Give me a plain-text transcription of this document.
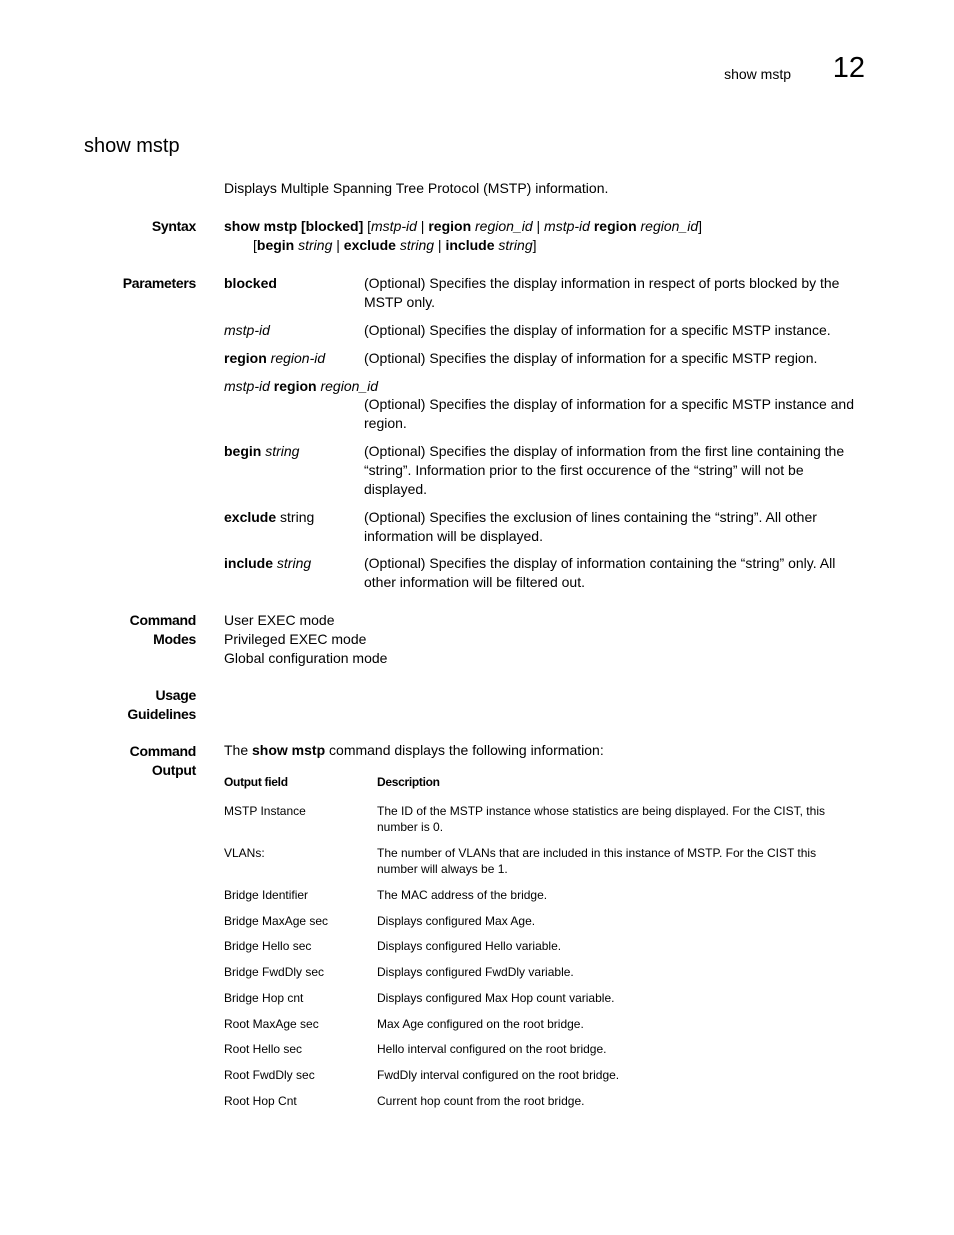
show mstp 12
show mstp
Displays Multiple Spanning Tree Protocol (MSTP) information.
Syntax show mstp [blocked] [mstp-id | region region_id | mstp-id region region_id]
[begin string | exclude string | include string]
Parameters blocked	(Optional) Specifies the display information in respect of ports blocked by the MSTP only.
mstp-id	(Optional) Specifies the display of information for a specific MSTP instance.
region region-id	(Optional) Specifies the display of information for a specific MSTP region.
mstp-id region region_id
(Optional) Specifies the display of information for a specific MSTP instance and region.
begin string	(Optional) Specifies the display of information from the first line containing the “string”. Information prior to the first occurence of the “string” will not be displayed.
exclude string	(Optional) Specifies the exclusion of lines containing the “string”. All other information will be displayed.
include string	(Optional) Specifies the display of information containing the “string” only. All other information will be filtered out.
Command
Modes
User EXEC mode
Privileged EXEC mode
Global configuration mode
Usage
Guidelines
Command
Output
The show mstp command displays the following information:
Output field	Description
MSTP Instance	The ID of the MSTP instance whose statistics are being displayed. For the CIST, this number is 0.
VLANs:	The number of VLANs that are included in this instance of MSTP. For the CIST this number will always be 1.
Bridge Identifier	The MAC address of the bridge.
Bridge MaxAge sec	Displays configured Max Age.
Bridge Hello sec	Displays configured Hello variable.
Bridge FwdDly sec	Displays configured FwdDly variable.
Bridge Hop cnt	Displays configured Max Hop count variable.
Root MaxAge sec	Max Age configured on the root bridge.
Root Hello sec	Hello interval configured on the root bridge.
Root FwdDly sec	FwdDly interval configured on the root bridge.
Root Hop Cnt	Current hop count from the root bridge.
